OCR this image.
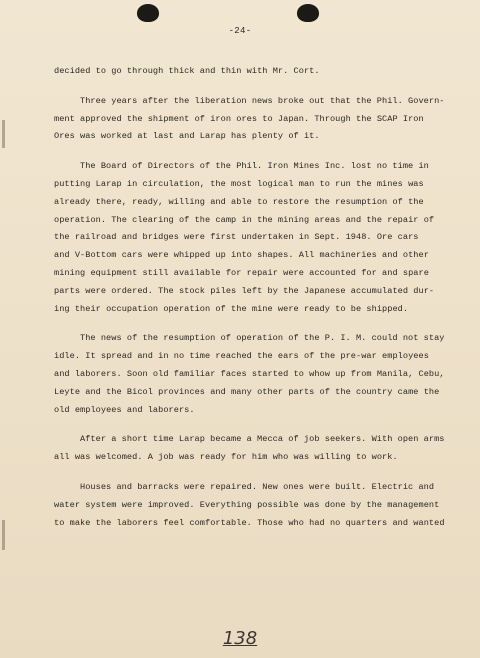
-24-

decided to go through thick and thin with Mr. Cort.

Three years after the liberation news broke out that the Phil. Govern-
ment approved the shipment of iron ores to Japan. Through the SCAP Iron
Ores was worked at last and Larap has plenty of it.

The Board of Directors of the Phil. Iron Mines Inc. lost no time in
putting Larap in circulation, the most logical man to run the mines was
already there, ready, willing and able to restore the resumption of the
operation. The clearing of the camp in the mining areas and the repair of
the railroad and bridges were first undertaken in Sept. 1948. Ore cars
and V-Bottom cars were whipped up into shapes. All machineries and other
mining equipment still available for repair were accounted for and spare
parts were ordered. The stock piles left by the Japanese accumulated dur-
ing their occupation operation of the mine were ready to be shipped.

The news of the resumption of operation of the P. I. M. could not stay
idle. It spread and in no time reached the ears of the pre-war employees
and laborers. Soon old familiar faces started to whow up from Manila, Cebu,
Leyte and the Bicol provinces and many other parts of the country came the
old employees and laborers.

After a short time Larap became a Mecca of job seekers. With open arms
all was welcomed. A job was ready for him who was willing to work.

Houses and barracks were repaired. New ones were built. Electric and
water system were improved. Everything possible was done by the management
to make the laborers feel comfortable. Those who had no quarters and wanted

138
